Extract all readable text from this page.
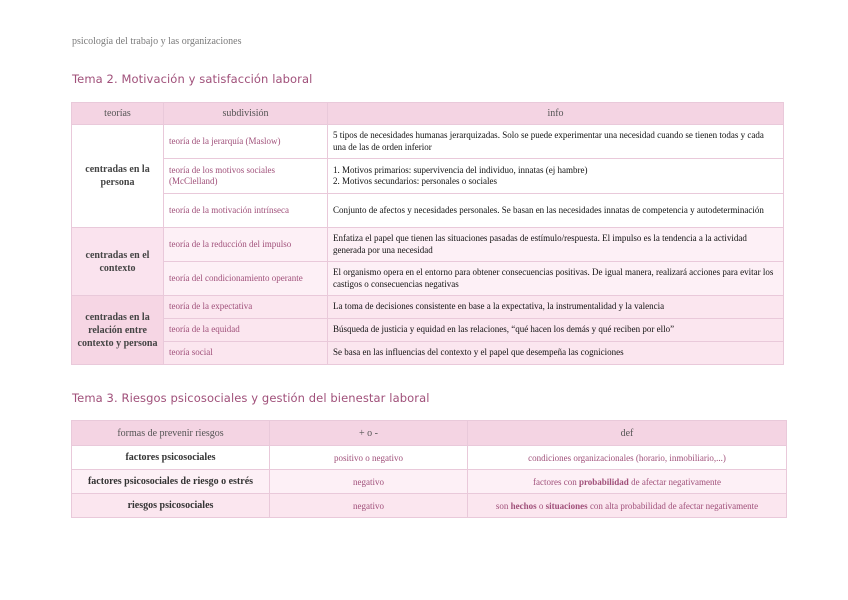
psicología del trabajo y las organizaciones
Tema 2. Motivación y satisfacción laboral
teorías	subdivisión	info
centradas en la persona	teoría de la jerarquía (Maslow)	5 tipos de necesidades humanas jerarquizadas. Solo se puede experimentar una necesidad cuando se tienen todas y cada una de las de orden inferior
	teoría de los motivos sociales (McClelland)	1. Motivos primarios: supervivencia del individuo, innatas (ej hambre)
2. Motivos secundarios: personales o sociales

	teoría de la motivación intrínseca	Conjunto de afectos y necesidades personales. Se basan en las necesidades innatas de competencia y autodeterminación
centradas en el contexto	teoría de la reducción del impulso	Enfatiza el papel que tienen las situaciones pasadas de estímulo/respuesta. El impulso es la tendencia a la actividad generada por una necesidad
	teoría del condicionamiento operante	El organismo opera en el entorno para obtener consecuencias positivas. De igual manera, realizará acciones para evitar los castigos o consecuencias negativas
centradas en la relación entre contexto y persona	teoría de la expectativa	La toma de decisiones consistente en base a la expectativa, la instrumentalidad y la valencia
	teoría de la equidad	Búsqueda de justicia y equidad en las relaciones, “qué hacen los demás y qué reciben por ello”
	teoría social	Se basa en las influencias del contexto y el papel que desempeña las cogniciones
Tema 3. Riesgos psicosociales y gestión del bienestar laboral
formas de prevenir riesgos	+ o -	def
factores psicosociales	positivo o negativo	condiciones organizacionales (horario, inmobiliario,...)
factores psicosociales de riesgo o estrés	negativo	factores con probabilidad de afectar negativamente
riesgos psicosociales	negativo	son hechos o situaciones con alta probabilidad de afectar negativamente
